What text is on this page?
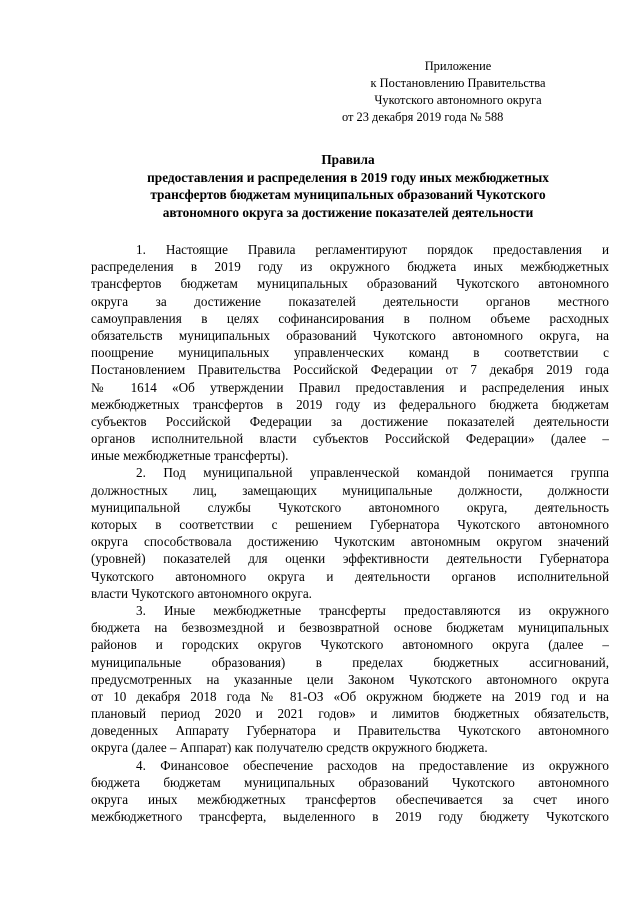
Приложение
к Постановлению Правительства
Чукотского автономного округа
от 23 декабря 2019 года № 588
Правила
предоставления и распределения в 2019 году иных межбюджетных
трансфертов бюджетам муниципальных образований Чукотского
автономного округа за достижение показателей деятельности
1. Настоящие Правила регламентируют порядок предоставления и
распределения в 2019 году из окружного бюджета иных межбюджетных
трансфертов бюджетам муниципальных образований Чукотского автономного
округа за достижение показателей деятельности органов местного
самоуправления в целях софинансирования в полном объеме расходных
обязательств муниципальных образований Чукотского автономного округа, на
поощрение муниципальных управленческих команд в соответствии с
Постановлением Правительства Российской Федерации от 7 декабря 2019 года
№ 1614 «Об утверждении Правил предоставления и распределения иных
межбюджетных трансфертов в 2019 году из федерального бюджета бюджетам
субъектов Российской Федерации за достижение показателей деятельности
органов исполнительной власти субъектов Российской Федерации» (далее –
иные межбюджетные трансферты).
2. Под муниципальной управленческой командой понимается группа
должностных лиц, замещающих муниципальные должности, должности
муниципальной службы Чукотского автономного округа, деятельность
которых в соответствии с решением Губернатора Чукотского автономного
округа способствовала достижению Чукотским автономным округом значений
(уровней) показателей для оценки эффективности деятельности Губернатора
Чукотского автономного округа и деятельности органов исполнительной
власти Чукотского автономного округа.
3. Иные межбюджетные трансферты предоставляются из окружного
бюджета на безвозмездной и безвозвратной основе бюджетам муниципальных
районов и городских округов Чукотского автономного округа (далее –
муниципальные образования) в пределах бюджетных ассигнований,
предусмотренных на указанные цели Законом Чукотского автономного округа
от 10 декабря 2018 года № 81-ОЗ «Об окружном бюджете на 2019 год и на
плановый период 2020 и 2021 годов» и лимитов бюджетных обязательств,
доведенных Аппарату Губернатора и Правительства Чукотского автономного
округа (далее – Аппарат) как получателю средств окружного бюджета.
4. Финансовое обеспечение расходов на предоставление из окружного
бюджета бюджетам муниципальных образований Чукотского автономного
округа иных межбюджетных трансфертов обеспечивается за счет иного
межбюджетного трансферта, выделенного в 2019 году бюджету Чукотского
